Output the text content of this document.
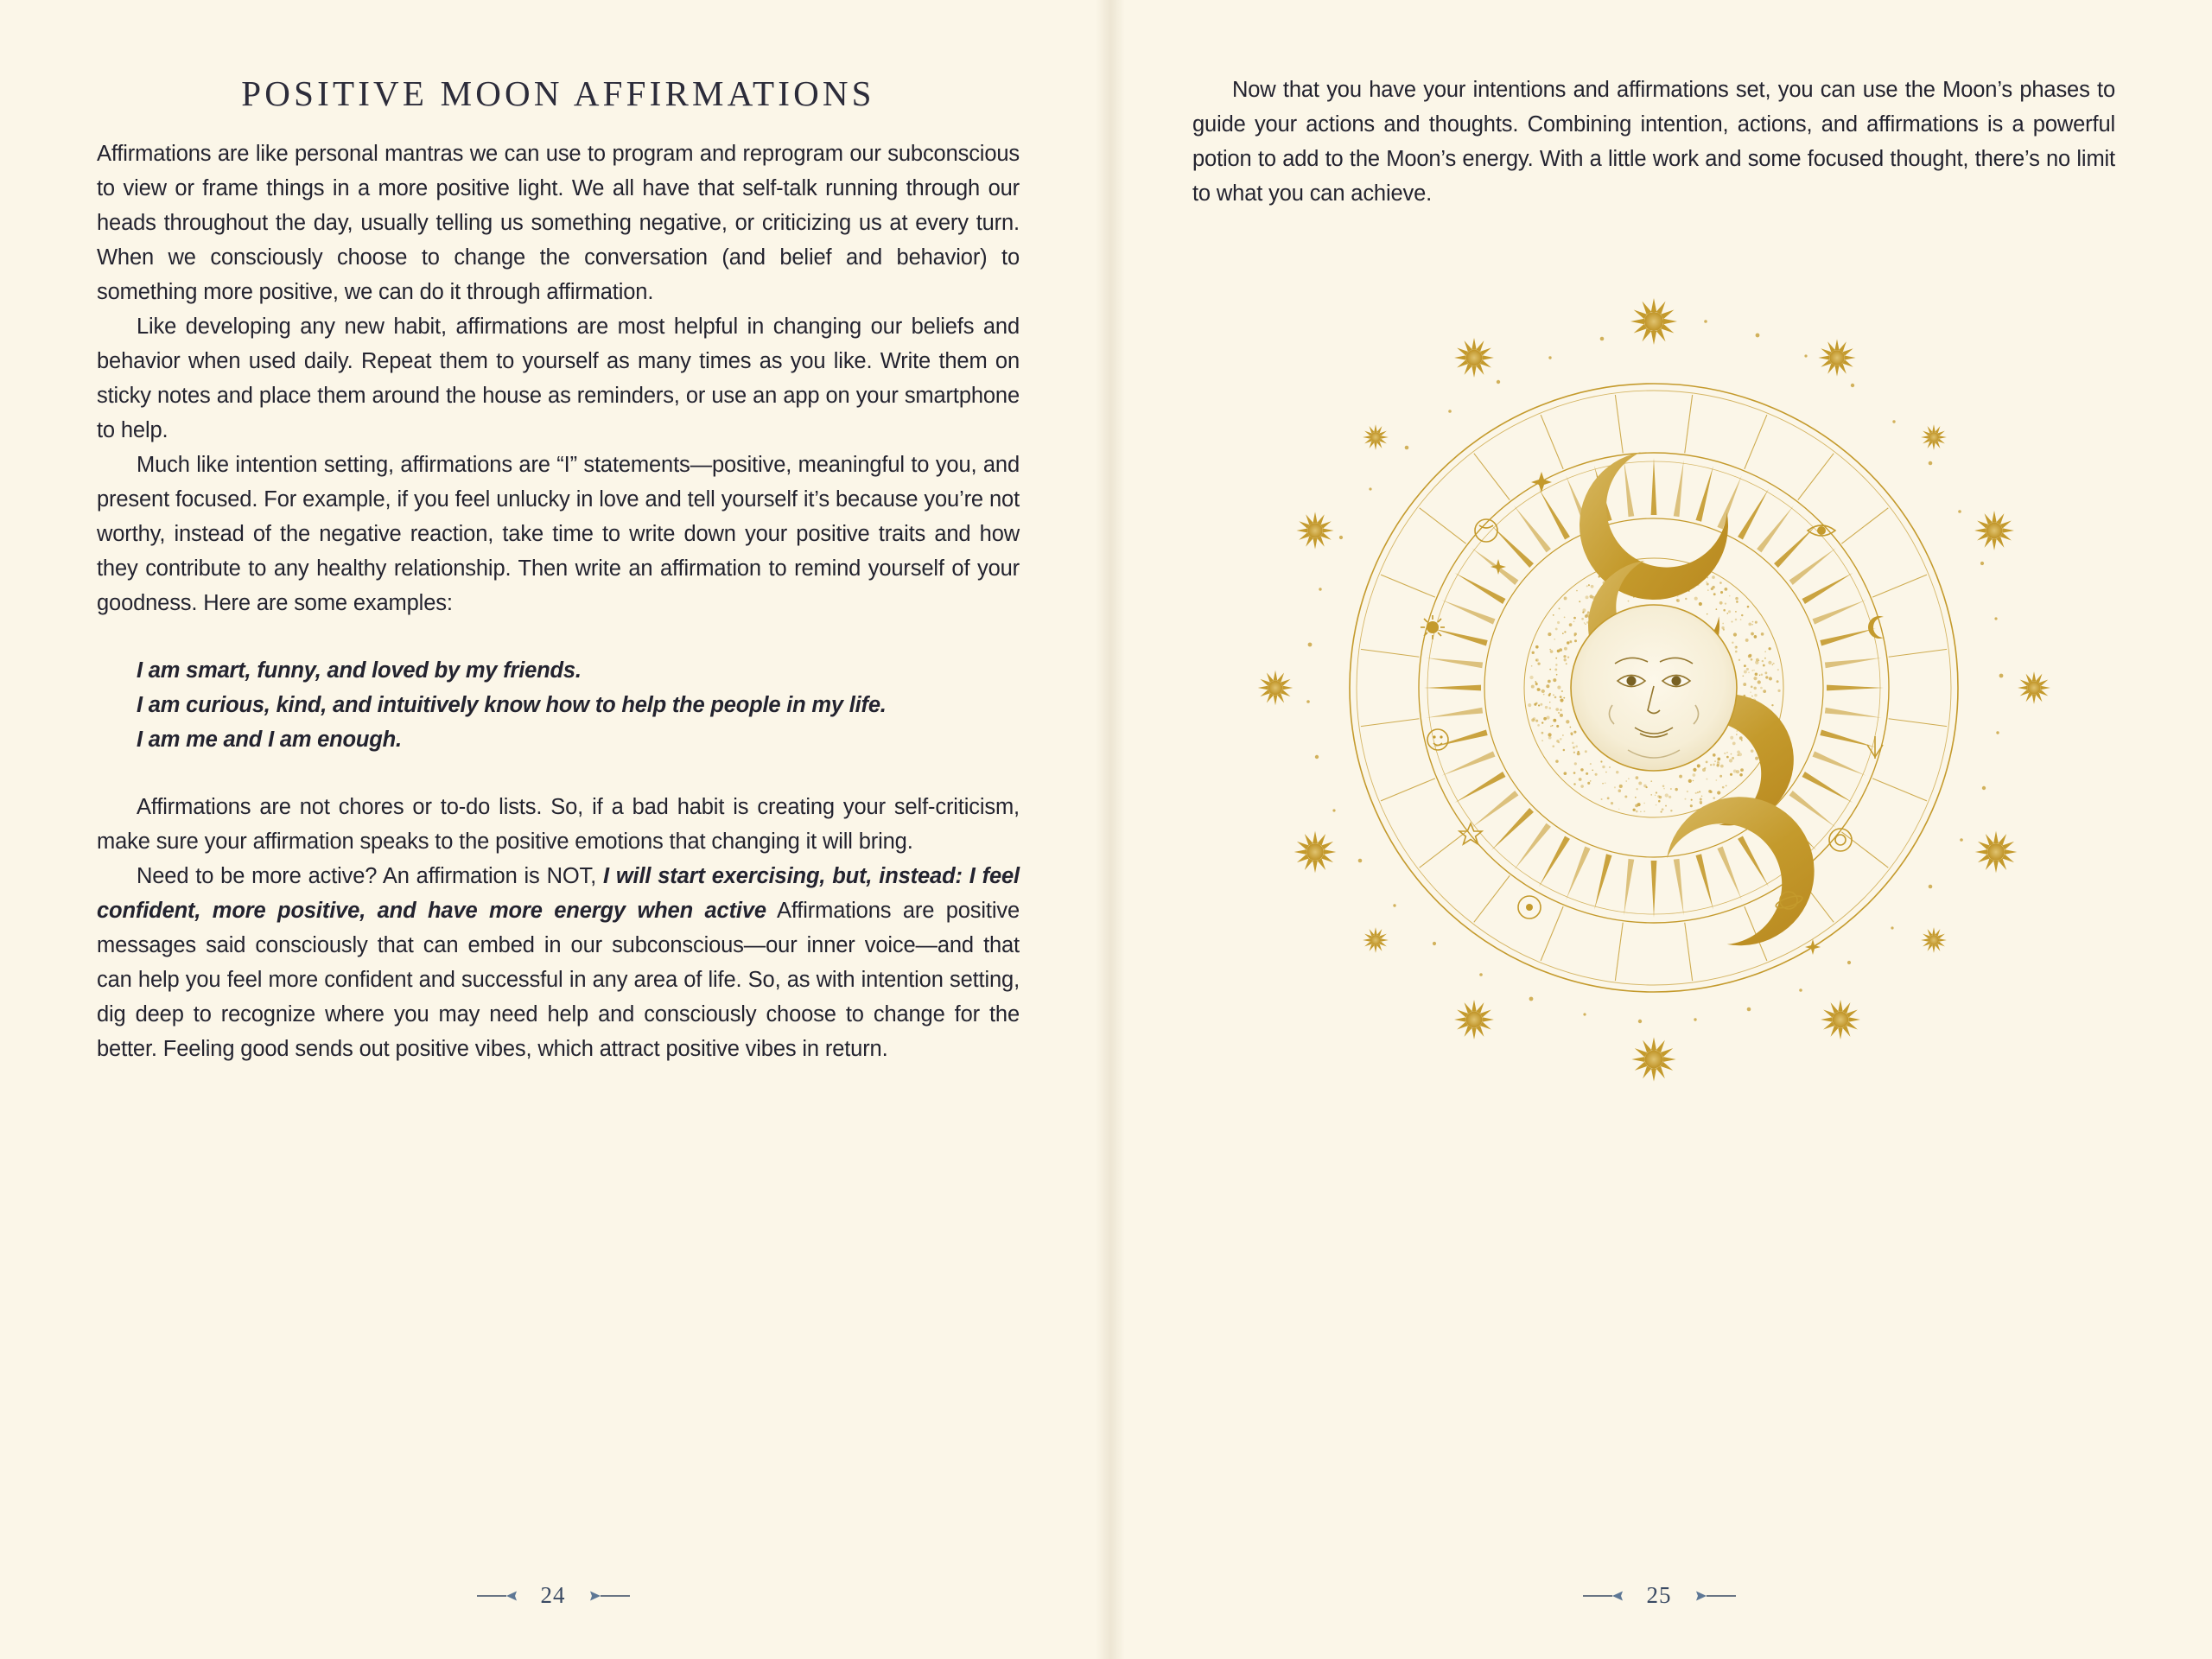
POSITIVE MOON AFFIRMATIONS

Affirmations are like personal mantras we can use to program and reprogram our subconscious to view or frame things in a more positive light. We all have that self-talk running through our heads throughout the day, usually telling us something negative, or criticizing us at every turn. When we consciously choose to change the conversation (and belief and behavior) to something more positive, we can do it through affirmation.

Like developing any new habit, affirmations are most helpful in changing our beliefs and behavior when used daily. Repeat them to yourself as many times as you like. Write them on sticky notes and place them around the house as reminders, or use an app on your smartphone to help.

Much like intention setting, affirmations are “I” statements—positive, meaningful to you, and present focused. For example, if you feel unlucky in love and tell yourself it’s because you’re not worthy, instead of the negative reaction, take time to write down your positive traits and how they contribute to any healthy relationship. Then write an affirmation to remind yourself of your goodness. Here are some examples:

I am smart, funny, and loved by my friends.
I am curious, kind, and intuitively know how to help the people in my life.
I am me and I am enough.

Affirmations are not chores or to-do lists. So, if a bad habit is creating your self-criticism, make sure your affirmation speaks to the positive emotions that changing it will bring.

Need to be more active? An affirmation is NOT, I will start exercising, but, instead: I feel confident, more positive, and have more energy when active Affirmations are positive messages said consciously that can embed in our subconscious—our inner voice—and that can help you feel more confident and successful in any area of life. So, as with intention setting, dig deep to recognize where you may need help and consciously choose to change for the better. Feeling good sends out positive vibes, which attract positive vibes in return.

24

Now that you have your intentions and affirmations set, you can use the Moon’s phases to guide your actions and thoughts. Combining intention, actions, and affirmations is a powerful potion to add to the Moon’s energy. With a little work and some focused thought, there’s no limit to what you can achieve.

25
